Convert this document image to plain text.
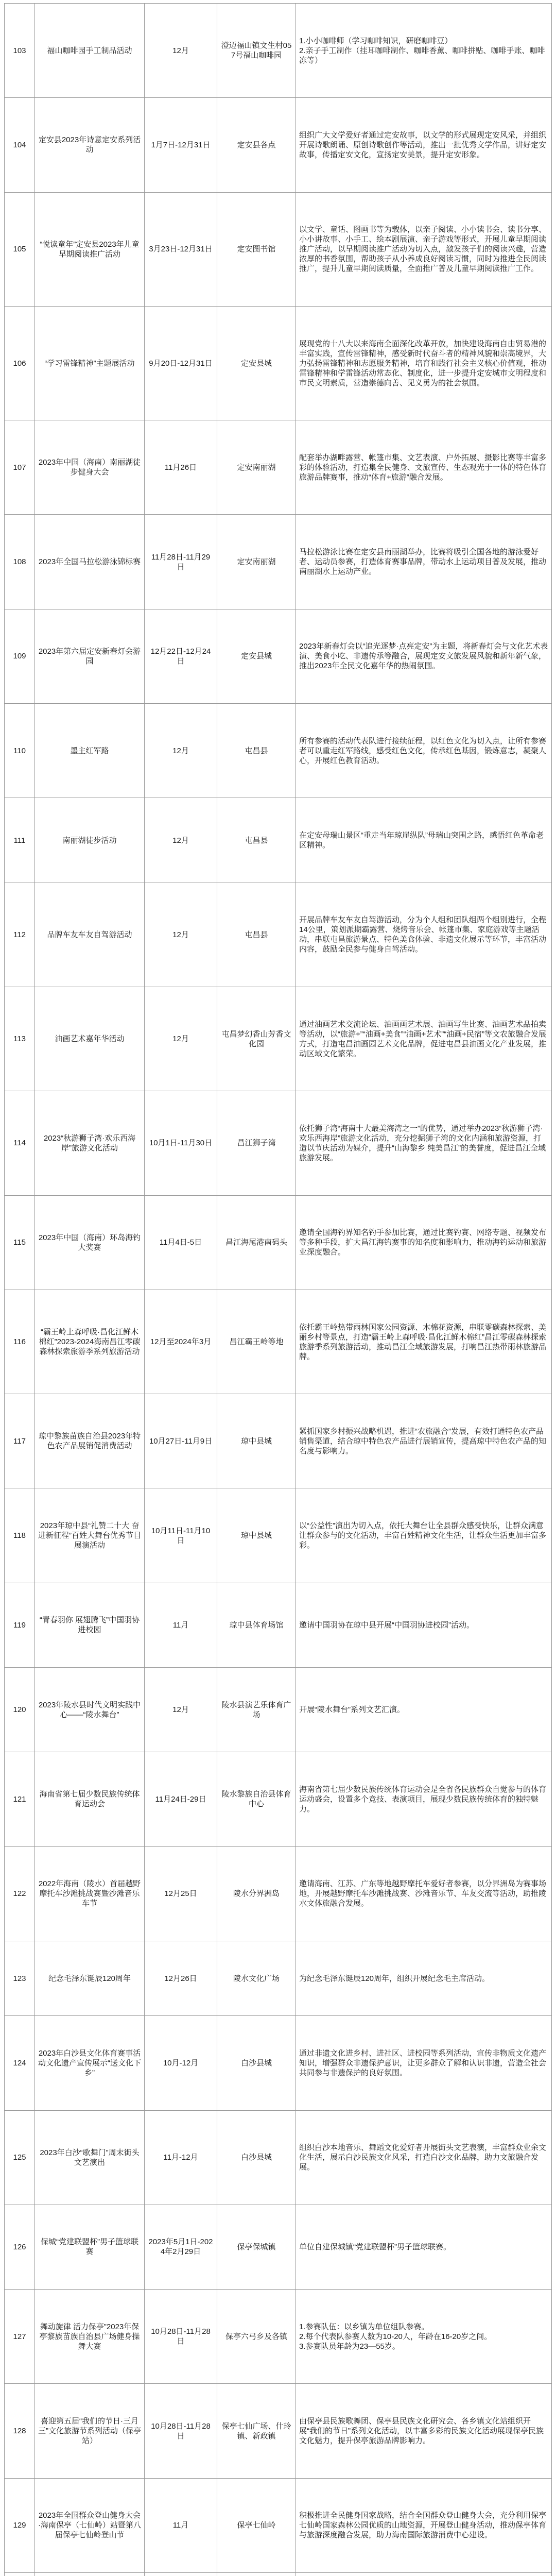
103	福山咖啡园手工制品活动	12月	澄迈福山镇文生村057号福山咖啡园	1.小小咖啡师（学习咖啡知识，研磨咖啡豆）
2.亲子手工制作（挂耳咖啡制作、咖啡香薰、咖啡拼贴、咖啡手账、咖啡冻等）
104	定安县2023年诗意定安系列活动	1月7日-12月31日	定安县各点	组织广大文学爱好者通过定安故事，以文学的形式展现定安风采，并组织开展诗歌朗诵、原创诗歌创作等活动，推出一批优秀文学作品，讲好定安故事，传播定安文化，宣扬定安美景，提升定安形象。
105	“悦读童年”定安县2023年儿童早期阅读推广活动	3月23日-12月31日	定安图书馆	以文学、童话、图画书等为载体，以亲子阅读、小小读书会、读书分享、小小讲故事、小手工、绘本剧展演、亲子游戏等形式，开展儿童早期阅读推广活动，以早期阅读推广活动为切入点，激发孩子们的阅读兴趣，营造浓厚的书香氛围，帮助孩子从小养成良好阅读习惯，同时为推进全民阅读推广，提升儿童早期阅读质量，全面推广普及儿童早期阅读推广工作。
106	“学习雷锋精神”主题展活动	9月20日-12月31日	定安县城	展现党的十八大以来海南全面深化改革开放，加快建设海南自由贸易港的丰富实践，宣传雷锋精神，感受新时代奋斗者的精神风貌和崇高境界，大力弘扬雷锋精神和志愿服务精神，培育和践行社会主义核心价值观，推动雷锋精神和学雷锋活动常态化、制度化，进一步提升定安城市文明程度和市民文明素质，营造崇德向善、见义勇为的社会氛围。
107	2023年中国（海南）南丽湖徒步健身大会	11月26日	定安南丽湖	配套举办湖畔露营、帐篷市集、文艺表演、户外拓展、摄影比赛等丰富多彩的体验活动，打造集全民健身、文旅宣传、生态观光于一体的特色体育旅游品牌赛事，推动“体育+旅游”融合发展。
108	2023年全国马拉松游泳锦标赛	11月28日-11月29日	定安南丽湖	马拉松游泳比赛在定安县南丽湖举办，比赛将吸引全国各地的游泳爱好者、运动员参赛，打造体育赛事品牌，带动水上运动项目普及发展，推动南丽湖水上运动产业。
109	2023年第六届定安新春灯会游园	12月22日-12月24日	定安县城	2023年新春灯会以“追光逐梦·点亮定安”为主题，将新春灯会与文化艺术表演、美食小吃、非遗传承等融合，展现定安文旅发展风貌和新年新气象，推出2023年全民文化嘉年华的热闹氛围。
110	墨主红军路	12月	屯昌县	所有参赛的活动代表队进行接续征程，以红色文化为切入点，让所有参赛者可以重走红军路线，感受红色文化，传承红色基因，锻炼意志，凝聚人心，开展红色教育活动。
111	南丽湖徒步活动	12月	屯昌县	在定安母瑞山景区“重走当年琼崖纵队”母瑞山突围之路，感悟红色革命老区精神。
112	品牌车友车友自驾游活动	12月	屯昌县	开展品牌车友车友自驾游活动，分为个人组和团队组两个组别进行，全程14公里，策划派期霸露营、烧烤音乐会、帐篷市集、家庭游戏等主题活动，串联屯昌旅游景点、特色美食体验、非遗文化展示等环节，丰富活动内容，鼓励全民参与健身自驾活动。
113	油画艺术嘉年华活动	12月	屯昌梦幻香山芳香文化园	通过油画艺术交流论坛、油画画艺术展、油画写生比赛、油画艺术品拍卖等活动，以“旅游+”“油画+美食”“油画+艺术”“油画+民宿”等文农旅融合发展方式，打造屯昌油画园艺术文化品牌，促进屯昌县油画文化产业发展，推动区域文化繁荣。
114	2023“秋游狮子湾·欢乐西海岸”旅游文化活动	10月1日-11月30日	昌江狮子湾	依托狮子湾“海南十大最美海湾之一”的优势，通过举办2023“秋游狮子湾·欢乐西海岸”旅游文化活动，充分挖掘狮子湾的文化内涵和旅游资源，打造以节庆活动为媒介，提升“山海黎乡 纯美昌江”的美誉度，促进昌江全域旅游发展。
115	2023年中国（海南）环岛海钓大奖赛	11月4日-5日	昌江海尾港南码头	邀请全国海钓界知名钓手参加比赛，通过比赛钓赛、网络专题、视频发布等多种手段，扩大昌江海钓赛事的知名度和影响力，推动海钓运动和旅游业深度融合。
116	“霸王岭上森呼吸·昌化江鲜木棉红”2023-2024海南昌江零碳森林探索旅游季系列旅游活动	12月至2024年3月	昌江霸王岭等地	依托霸王岭热带雨林国家公园资源、木棉花资源，串联零碳森林探索、美丽乡村等景点，打造“霸王岭上森呼吸·昌化江鲜木棉红”昌江零碳森林探索旅游季系列旅游活动，推动昌江全域旅游发展，打响昌江热带雨林旅游品牌。
117	琼中黎族苗族自治县2023年特色农产品展销促消费活动	10月27日-11月9日	琼中县城	紧抓国家乡村振兴战略机遇，推进“农旅融合”发展，有效打通特色农产品销售渠道，结合琼中特色农产品进行展销宣传，提高琼中特色农产品的知名度与影响力。
118	2023年琼中县“礼赞二十大 奋进新征程”百姓大舞台优秀节目展演活动	10月11日-11月10日	琼中县城	以“公益性”演出为切入点，依托大舞台让全县群众感受快乐，让群众满意让群众参与的文化活动，丰富百姓精神文化生活，让群众生活更加丰富多彩。
119	“青春羽你 展翅腾飞”中国羽协进校园	11月	琼中县体育场馆	邀请中国羽协在琼中县开展“中国羽协进校园”活动。
120	2023年陵水县时代文明实践中心——“陵水舞台”	12月	陵水县演艺乐体育广场	开展“陵水舞台”系列文艺汇演。
121	海南省第七届少数民族传统体育运动会	11月24日-29日	陵水黎族自治县体育中心	海南省第七届少数民族传统体育运动会是全省各民族群众自觉参与的体育运动盛会，设置多个竞技、表演项目，展现少数民族传统体育的独特魅力。
122	2022年海南（陵水）首届越野摩托车沙滩挑战赛暨沙滩音乐车节	12月25日	陵水分界洲岛	邀请海南、江苏、广东等地越野摩托车爱好者参赛，以分界洲岛为赛事场地，开展越野摩托车沙滩挑战赛、沙滩音乐节、车友交流等活动，助推陵水文体旅融合发展。
123	纪念毛泽东诞辰120周年	12月26日	陵水文化广场	为纪念毛泽东诞辰120周年，组织开展纪念毛主席活动。
124	2023年白沙县文化体育赛事活动文化遗产宣传展示“送文化下乡”	10月-12月	白沙县城	通过非遗文化进乡村、进社区、进校园等系列活动，宣传非物质文化遗产知识，增强群众非遗保护意识，让更多群众了解和认识非遗，营造全社会共同参与非遗保护的良好氛围。
125	2023年白沙“歌舞门”周末街头文艺演出	11月-12月	白沙县城	组织白沙本地音乐、舞蹈文化爱好者开展街头文艺表演，丰富群众业余文化生活，展示白沙民族文化风采，打造白沙文化品牌，助力文旅融合发展。
126	保城“党建联盟杯”男子篮球联赛	2023年5月1日-2024年2月29日	保亭保城镇	单位自建保城镇“党建联盟杯”男子篮球联赛。
127	舞动旋律 活力保亭”2023年保亭黎族苗族自治县广场健身操舞大赛	10月28日-11月28日	保亭六弓乡及各镇	1.参赛队伍：以乡镇为单位组队参赛。
2.每个代表队参赛人数为10-20人，年龄在16-20岁之间。
3.参赛队员年龄为23—55岁。
128	喜迎第五届“我们的节日·三月三”文化旅游节系列活动（保亭站）	10月28日-11月28日	保亭七仙广场、什玲镇、新政镇	由保亭县民族歌舞团、保亭县民族文化研究会、各乡镇文化站组织开展“我们的节日”系列文化活动，以丰富多彩的民族文化活动展现保亭民族文化魅力，提升保亭旅游品牌影响力。
129	2023年全国群众登山健身大会·海南保亭（七仙岭）站暨第八届保亭七仙岭登山节	11月	保亭七仙岭	积极推进全民健身国家战略，结合全国群众登山健身大会，充分利用保亭七仙岭国家森林公园优质的山地资源，开展登山健身活动，推动保亭体育与旅游深度融合发展，助力海南国际旅游消费中心建设。
